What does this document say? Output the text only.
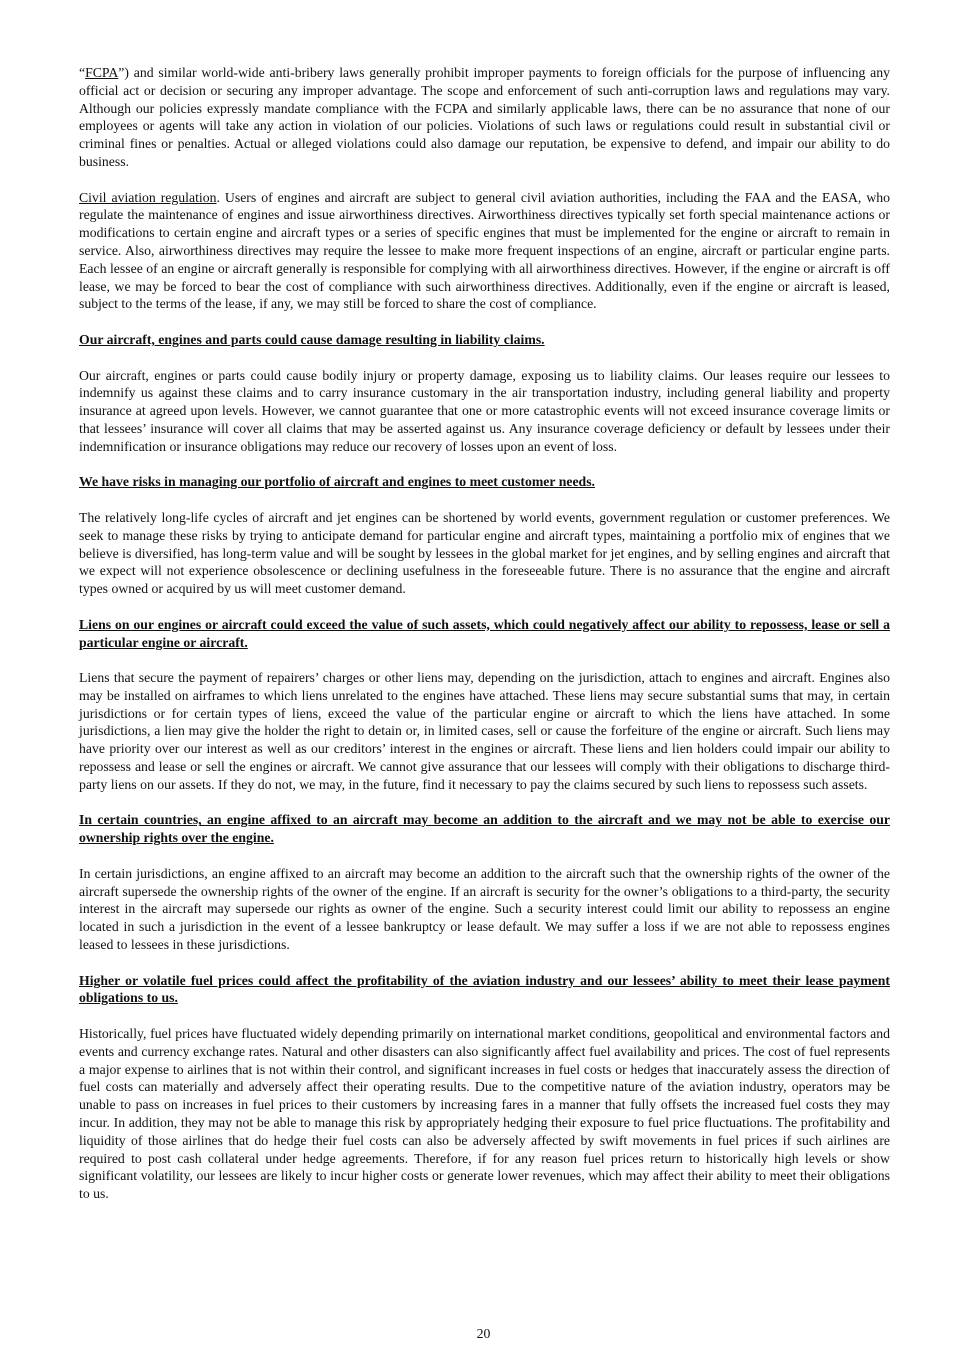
“FCPA”) and similar world-wide anti-bribery laws generally prohibit improper payments to foreign officials for the purpose of influencing any official act or decision or securing any improper advantage. The scope and enforcement of such anti-corruption laws and regulations may vary. Although our policies expressly mandate compliance with the FCPA and similarly applicable laws, there can be no assurance that none of our employees or agents will take any action in violation of our policies. Violations of such laws or regulations could result in substantial civil or criminal fines or penalties. Actual or alleged violations could also damage our reputation, be expensive to defend, and impair our ability to do business.

Civil aviation regulation. Users of engines and aircraft are subject to general civil aviation authorities, including the FAA and the EASA, who regulate the maintenance of engines and issue airworthiness directives. Airworthiness directives typically set forth special maintenance actions or modifications to certain engine and aircraft types or a series of specific engines that must be implemented for the engine or aircraft to remain in service. Also, airworthiness directives may require the lessee to make more frequent inspections of an engine, aircraft or particular engine parts. Each lessee of an engine or aircraft generally is responsible for complying with all airworthiness directives. However, if the engine or aircraft is off lease, we may be forced to bear the cost of compliance with such airworthiness directives. Additionally, even if the engine or aircraft is leased, subject to the terms of the lease, if any, we may still be forced to share the cost of compliance.

Our aircraft, engines and parts could cause damage resulting in liability claims.

Our aircraft, engines or parts could cause bodily injury or property damage, exposing us to liability claims. Our leases require our lessees to indemnify us against these claims and to carry insurance customary in the air transportation industry, including general liability and property insurance at agreed upon levels. However, we cannot guarantee that one or more catastrophic events will not exceed insurance coverage limits or that lessees’ insurance will cover all claims that may be asserted against us. Any insurance coverage deficiency or default by lessees under their indemnification or insurance obligations may reduce our recovery of losses upon an event of loss.

We have risks in managing our portfolio of aircraft and engines to meet customer needs.

The relatively long-life cycles of aircraft and jet engines can be shortened by world events, government regulation or customer preferences. We seek to manage these risks by trying to anticipate demand for particular engine and aircraft types, maintaining a portfolio mix of engines that we believe is diversified, has long-term value and will be sought by lessees in the global market for jet engines, and by selling engines and aircraft that we expect will not experience obsolescence or declining usefulness in the foreseeable future. There is no assurance that the engine and aircraft types owned or acquired by us will meet customer demand.

Liens on our engines or aircraft could exceed the value of such assets, which could negatively affect our ability to repossess, lease or sell a particular engine or aircraft.

Liens that secure the payment of repairers’ charges or other liens may, depending on the jurisdiction, attach to engines and aircraft. Engines also may be installed on airframes to which liens unrelated to the engines have attached. These liens may secure substantial sums that may, in certain jurisdictions or for certain types of liens, exceed the value of the particular engine or aircraft to which the liens have attached. In some jurisdictions, a lien may give the holder the right to detain or, in limited cases, sell or cause the forfeiture of the engine or aircraft. Such liens may have priority over our interest as well as our creditors’ interest in the engines or aircraft. These liens and lien holders could impair our ability to repossess and lease or sell the engines or aircraft. We cannot give assurance that our lessees will comply with their obligations to discharge third-party liens on our assets. If they do not, we may, in the future, find it necessary to pay the claims secured by such liens to repossess such assets.

In certain countries, an engine affixed to an aircraft may become an addition to the aircraft and we may not be able to exercise our ownership rights over the engine.

In certain jurisdictions, an engine affixed to an aircraft may become an addition to the aircraft such that the ownership rights of the owner of the aircraft supersede the ownership rights of the owner of the engine. If an aircraft is security for the owner’s obligations to a third-party, the security interest in the aircraft may supersede our rights as owner of the engine. Such a security interest could limit our ability to repossess an engine located in such a jurisdiction in the event of a lessee bankruptcy or lease default. We may suffer a loss if we are not able to repossess engines leased to lessees in these jurisdictions.

Higher or volatile fuel prices could affect the profitability of the aviation industry and our lessees’ ability to meet their lease payment obligations to us.

Historically, fuel prices have fluctuated widely depending primarily on international market conditions, geopolitical and environmental factors and events and currency exchange rates. Natural and other disasters can also significantly affect fuel availability and prices. The cost of fuel represents a major expense to airlines that is not within their control, and significant increases in fuel costs or hedges that inaccurately assess the direction of fuel costs can materially and adversely affect their operating results. Due to the competitive nature of the aviation industry, operators may be unable to pass on increases in fuel prices to their customers by increasing fares in a manner that fully offsets the increased fuel costs they may incur. In addition, they may not be able to manage this risk by appropriately hedging their exposure to fuel price fluctuations. The profitability and liquidity of those airlines that do hedge their fuel costs can also be adversely affected by swift movements in fuel prices if such airlines are required to post cash collateral under hedge agreements. Therefore, if for any reason fuel prices return to historically high levels or show significant volatility, our lessees are likely to incur higher costs or generate lower revenues, which may affect their ability to meet their obligations to us.

20
